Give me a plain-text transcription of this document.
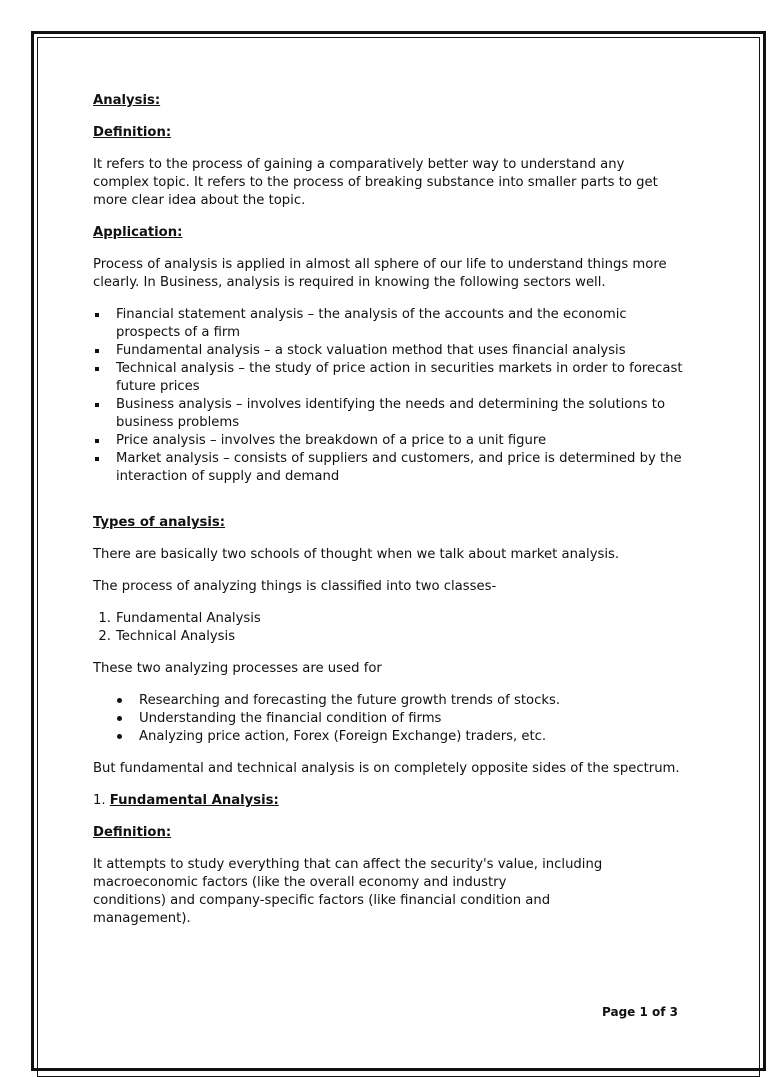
Analysis:

Definition:

It refers to the process of gaining a comparatively better way to understand any complex topic. It refers to the process of breaking substance into smaller parts to get more clear idea about the topic.

Application:

Process of analysis is applied in almost all sphere of our life to understand things more clearly. In Business, analysis is required in knowing the following sectors well.

Financial statement analysis – the analysis of the accounts and the economic prospects of a firm
Fundamental analysis – a stock valuation method that uses financial analysis
Technical analysis – the study of price action in securities markets in order to forecast future prices
Business analysis – involves identifying the needs and determining the solutions to business problems
Price analysis – involves the breakdown of a price to a unit figure
Market analysis – consists of suppliers and customers, and price is determined by the interaction of supply and demand

Types of analysis:

There are basically two schools of thought when we talk about market analysis.

The process of analyzing things is classified into two classes-

1. Fundamental Analysis
2. Technical Analysis

These two analyzing processes are used for

Researching and forecasting the future growth trends of stocks.
Understanding the financial condition of firms
Analyzing price action, Forex (Foreign Exchange) traders, etc.

But fundamental and technical analysis is on completely opposite sides of the spectrum.

1. Fundamental Analysis:

Definition:

It attempts to study everything that can affect the security's value, including
macroeconomic factors (like the overall economy and industry
conditions) and company-specific factors (like financial condition and
management).
Page 1 of 3
